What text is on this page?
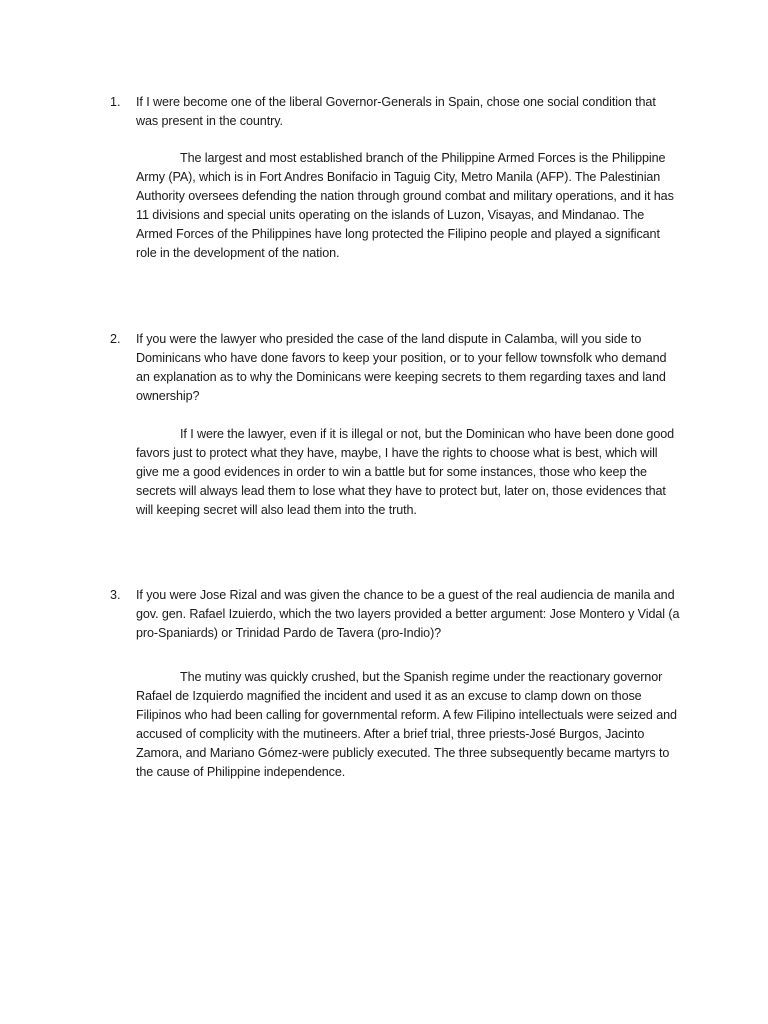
1. If I were become one of the liberal Governor-Generals in Spain, chose one social condition that was present in the country.

The largest and most established branch of the Philippine Armed Forces is the Philippine Army (PA), which is in Fort Andres Bonifacio in Taguig City, Metro Manila (AFP). The Palestinian Authority oversees defending the nation through ground combat and military operations, and it has 11 divisions and special units operating on the islands of Luzon, Visayas, and Mindanao. The Armed Forces of the Philippines have long protected the Filipino people and played a significant role in the development of the nation.

2. If you were the lawyer who presided the case of the land dispute in Calamba, will you side to Dominicans who have done favors to keep your position, or to your fellow townsfolk who demand an explanation as to why the Dominicans were keeping secrets to them regarding taxes and land ownership?

If I were the lawyer, even if it is illegal or not, but the Dominican who have been done good favors just to protect what they have, maybe, I have the rights to choose what is best, which will give me a good evidences in order to win a battle but for some instances, those who keep the secrets will always lead them to lose what they have to protect but, later on, those evidences that will keeping secret will also lead them into the truth.

3. If you were Jose Rizal and was given the chance to be a guest of the real audiencia de manila and gov. gen. Rafael Izuierdo, which the two layers provided a better argument: Jose Montero y Vidal (a pro-Spaniards) or Trinidad Pardo de Tavera (pro-Indio)?

The mutiny was quickly crushed, but the Spanish regime under the reactionary governor Rafael de Izquierdo magnified the incident and used it as an excuse to clamp down on those Filipinos who had been calling for governmental reform. A few Filipino intellectuals were seized and accused of complicity with the mutineers. After a brief trial, three priests-José Burgos, Jacinto Zamora, and Mariano Gómez-were publicly executed. The three subsequently became martyrs to the cause of Philippine independence.
